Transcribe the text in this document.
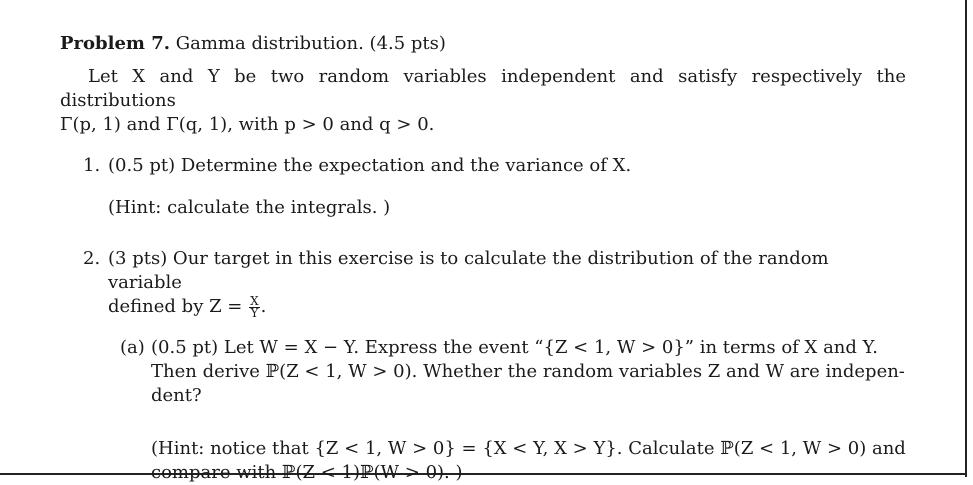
Problem 7. Gamma distribution. (4.5 pts)

Let X and Y be two random variables independent and satisfy respectively the distributions
Γ(p, 1) and Γ(q, 1), with p > 0 and q > 0.

1. (0.5 pt) Determine the expectation and the variance of X.
(Hint: calculate the integrals. )
2. (3 pts) Our target in this exercise is to calculate the distribution of the random variable
defined by $Z = \frac{X}{Y}$ .
(a) (0.5 pt) Let W = X − Y. Express the event “{Z < 1, W > 0}” in terms of X and Y.
Then derive ℙ(Z < 1, W > 0). Whether the random variables Z and W are indepen-
dent?
(Hint: notice that {Z < 1, W > 0} = {X < Y, X > Y}. Calculate ℙ(Z < 1, W > 0) and
compare with ℙ(Z < 1)ℙ(W > 0). )
